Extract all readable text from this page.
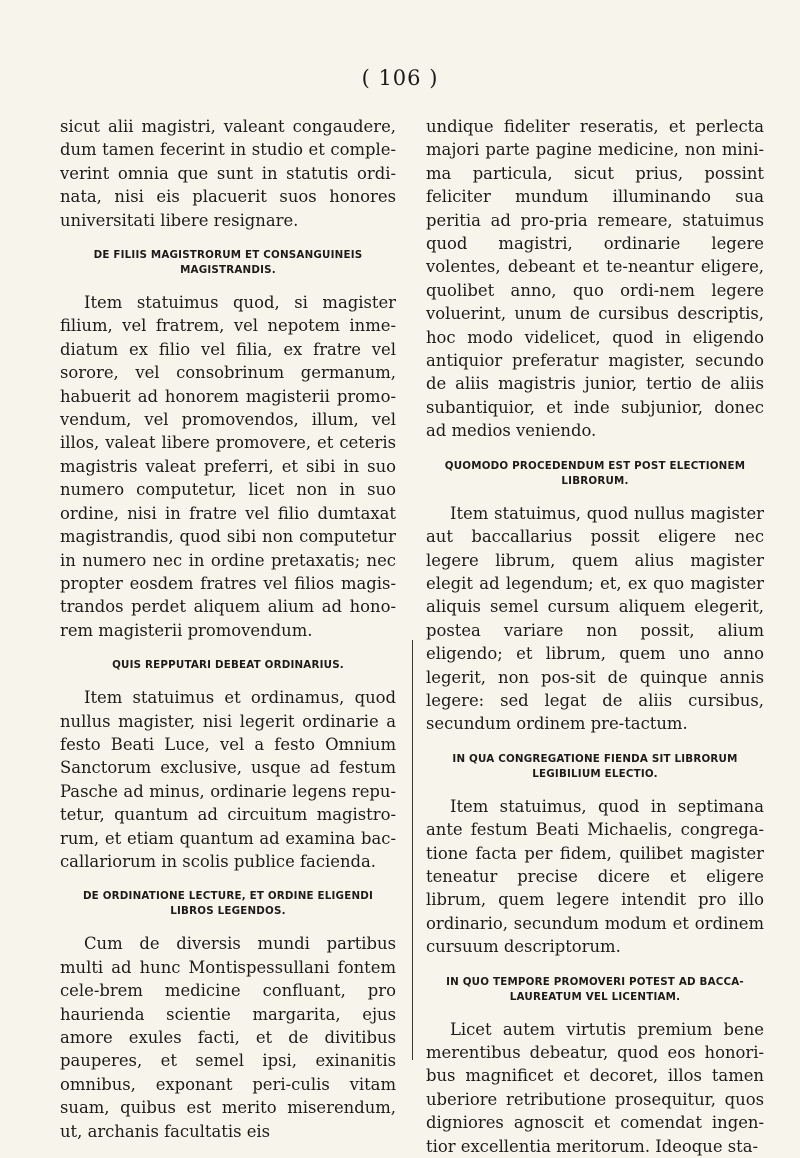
( 106 )

sicut alii magistri, valeant congaudere, dum tamen fecerint in studio et comple-verint omnia que sunt in statutis ordi-nata, nisi eis placuerit suos honores universitati libere resignare.

DE FILIIS MAGISTRORUM ET CONSANGUINEIS MAGISTRANDIS.

Item statuimus quod, si magister filium, vel fratrem, vel nepotem inme-diatum ex filio vel filia, ex fratre vel sorore, vel consobrinum germanum, habuerit ad honorem magisterii promo-vendum, vel promovendos, illum, vel illos, valeat libere promovere, et ceteris magistris valeat preferri, et sibi in suo numero computetur, licet non in suo ordine, nisi in fratre vel filio dumtaxat magistrandis, quod sibi non computetur in numero nec in ordine pretaxatis; nec propter eosdem fratres vel filios magis-trandos perdet aliquem alium ad hono-rem magisterii promovendum.

QUIS REPPUTARI DEBEAT ORDINARIUS.

Item statuimus et ordinamus, quod nullus magister, nisi legerit ordinarie a festo Beati Luce, vel a festo Omnium Sanctorum exclusive, usque ad festum Pasche ad minus, ordinarie legens repu-tetur, quantum ad circuitum magistro-rum, et etiam quantum ad examina bac-callariorum in scolis publice facienda.

DE ORDINATIONE LECTURE, ET ORDINE ELIGENDI LIBROS LEGENDOS.

Cum de diversis mundi partibus multi ad hunc Montispessullani fontem cele-brem medicine confluant, pro haurienda scientie margarita, ejus amore exules facti, et de divitibus pauperes, et semel ipsi, exinanitis omnibus, exponant peri-culis vitam suam, quibus est merito miserendum, ut, archanis facultatis eis

undique fideliter reseratis, et perlecta majori parte pagine medicine, non mini-ma particula, sicut prius, possint feliciter mundum illuminando sua peritia ad pro-pria remeare, statuimus quod magistri, ordinarie legere volentes, debeant et te-neantur eligere, quolibet anno, quo ordi-nem legere voluerint, unum de cursibus descriptis, hoc modo videlicet, quod in eligendo antiquior preferatur magister, secundo de aliis magistris junior, tertio de aliis subantiquior, et inde subjunior, donec ad medios veniendo.

QUOMODO PROCEDENDUM EST POST ELECTIONEM LIBRORUM.

Item statuimus, quod nullus magister aut baccallarius possit eligere nec legere librum, quem alius magister elegit ad legendum; et, ex quo magister aliquis semel cursum aliquem elegerit, postea variare non possit, alium eligendo; et librum, quem uno anno legerit, non pos-sit de quinque annis legere: sed legat de aliis cursibus, secundum ordinem pre-tactum.

IN QUA CONGREGATIONE FIENDA SIT LIBRORUM LEGIBILIUM ELECTIO.

Item statuimus, quod in septimana ante festum Beati Michaelis, congrega-tione facta per fidem, quilibet magister teneatur precise dicere et eligere librum, quem legere intendit pro illo ordinario, secundum modum et ordinem cursuum descriptorum.

IN QUO TEMPORE PROMOVERI POTEST AD BACCA-LAUREATUM VEL LICENTIAM.

Licet autem virtutis premium bene merentibus debeatur, quod eos honori-bus magnificet et decoret, illos tamen uberiore retributione prosequitur, quos digniores agnoscit et comendat ingen-tior excellentia meritorum. Ideoque sta-
